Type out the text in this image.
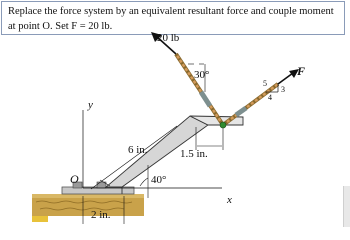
Replace the force system by an equivalent resultant force and couple moment at point O. Set F = 20 lb.
20 lb
F
30°
1.5 in.
6 in.
40°
x
y
O
2 in.
5
4
3
